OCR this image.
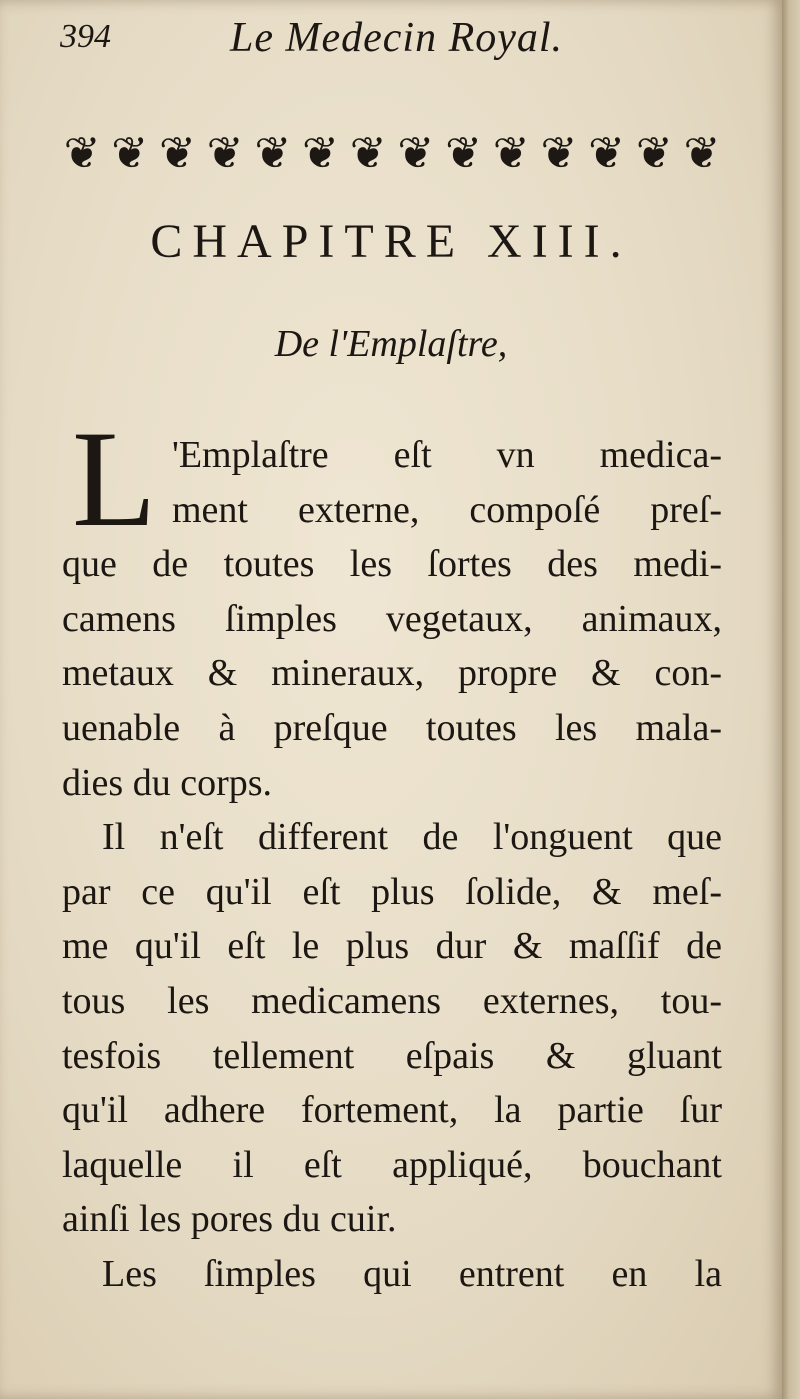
394	Le Medecin Royal.
❦ ❦ ❦ ❦ ❦ ❦ ❦ ❦ ❦ ❦ ❦ ❦ ❦ ❦
CHAPITRE XIII.
De l'Emplaſtre,
L 'Emplaſtre eſt vn medica-
ment externe, compoſé preſ-
que de toutes les ſortes des medi-
camens ſimples vegetaux, animaux,
metaux & mineraux, propre & con-
uenable à preſque toutes les mala-
dies du corps.
Il n'eſt different de l'onguent que
par ce qu'il eſt plus ſolide, & meſ-
me qu'il eſt le plus dur & maſſif de
tous les medicamens externes, tou-
tesfois tellement eſpais & gluant
qu'il adhere fortement, la partie ſur
laquelle il eſt appliqué, bouchant
ainſi les pores du cuir.
Les ſimples qui entrent en la
